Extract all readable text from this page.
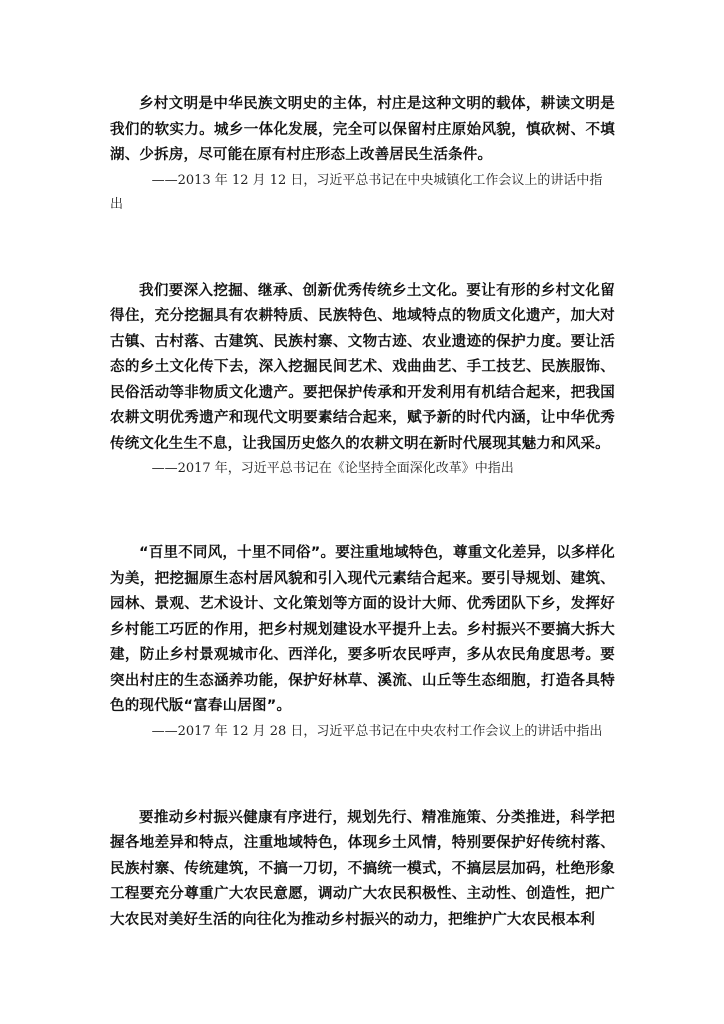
乡村文明是中华民族文明史的主体，村庄是这种文明的载体，耕读文明是我们的软实力。城乡一体化发展，完全可以保留村庄原始风貌，慎砍树、不填湖、少拆房，尽可能在原有村庄形态上改善居民生活条件。

——2013 年 12 月 12 日，习近平总书记在中央城镇化工作会议上的讲话中指出

我们要深入挖掘、继承、创新优秀传统乡土文化。要让有形的乡村文化留得住，充分挖掘具有农耕特质、民族特色、地域特点的物质文化遗产，加大对古镇、古村落、古建筑、民族村寨、文物古迹、农业遗迹的保护力度。要让活态的乡土文化传下去，深入挖掘民间艺术、戏曲曲艺、手工技艺、民族服饰、民俗活动等非物质文化遗产。要把保护传承和开发利用有机结合起来，把我国农耕文明优秀遗产和现代文明要素结合起来，赋予新的时代内涵，让中华优秀传统文化生生不息，让我国历史悠久的农耕文明在新时代展现其魅力和风采。

——2017 年，习近平总书记在《论坚持全面深化改革》中指出

“百里不同风，十里不同俗”。要注重地域特色，尊重文化差异，以多样化为美，把挖掘原生态村居风貌和引入现代元素结合起来。要引导规划、建筑、园林、景观、艺术设计、文化策划等方面的设计大师、优秀团队下乡，发挥好乡村能工巧匠的作用，把乡村规划建设水平提升上去。乡村振兴不要搞大拆大建，防止乡村景观城市化、西洋化，要多听农民呼声，多从农民角度思考。要突出村庄的生态涵养功能，保护好林草、溪流、山丘等生态细胞，打造各具特色的现代版“富春山居图”。

——2017 年 12 月 28 日，习近平总书记在中央农村工作会议上的讲话中指出

要推动乡村振兴健康有序进行，规划先行、精准施策、分类推进，科学把握各地差异和特点，注重地域特色，体现乡土风情，特别要保护好传统村落、民族村寨、传统建筑，不搞一刀切，不搞统一模式，不搞层层加码，杜绝形象工程要充分尊重广大农民意愿，调动广大农民积极性、主动性、创造性，把广大农民对美好生活的向往化为推动乡村振兴的动力，把维护广大农民根本利
